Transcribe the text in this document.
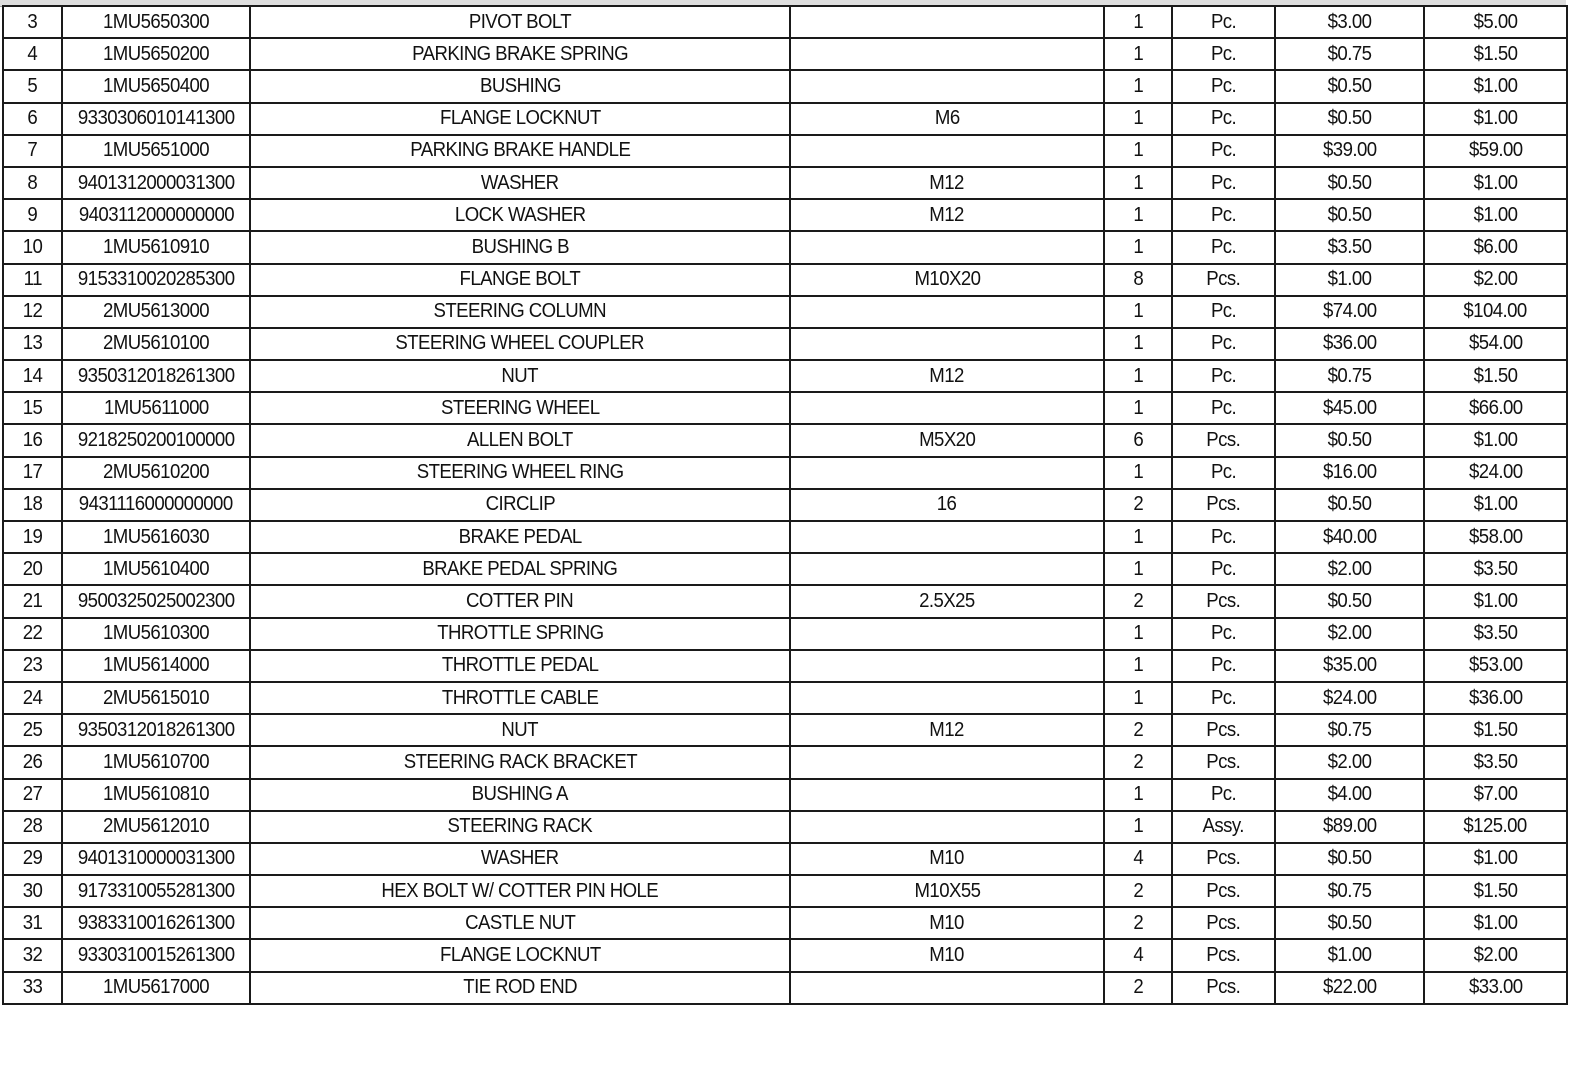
3	1MU5650300	PIVOT BOLT		1	Pc.	$3.00	$5.00
4	1MU5650200	PARKING BRAKE SPRING		1	Pc.	$0.75	$1.50
5	1MU5650400	BUSHING		1	Pc.	$0.50	$1.00
6	9330306010141300	FLANGE LOCKNUT	M6	1	Pc.	$0.50	$1.00
7	1MU5651000	PARKING BRAKE HANDLE		1	Pc.	$39.00	$59.00
8	9401312000031300	WASHER	M12	1	Pc.	$0.50	$1.00
9	9403112000000000	LOCK WASHER	M12	1	Pc.	$0.50	$1.00
10	1MU5610910	BUSHING B		1	Pc.	$3.50	$6.00
11	9153310020285300	FLANGE BOLT	M10X20	8	Pcs.	$1.00	$2.00
12	2MU5613000	STEERING COLUMN		1	Pc.	$74.00	$104.00
13	2MU5610100	STEERING WHEEL COUPLER		1	Pc.	$36.00	$54.00
14	9350312018261300	NUT	M12	1	Pc.	$0.75	$1.50
15	1MU5611000	STEERING WHEEL		1	Pc.	$45.00	$66.00
16	9218250200100000	ALLEN BOLT	M5X20	6	Pcs.	$0.50	$1.00
17	2MU5610200	STEERING WHEEL RING		1	Pc.	$16.00	$24.00
18	9431116000000000	CIRCLIP	16	2	Pcs.	$0.50	$1.00
19	1MU5616030	BRAKE PEDAL		1	Pc.	$40.00	$58.00
20	1MU5610400	BRAKE PEDAL SPRING		1	Pc.	$2.00	$3.50
21	9500325025002300	COTTER PIN	2.5X25	2	Pcs.	$0.50	$1.00
22	1MU5610300	THROTTLE SPRING		1	Pc.	$2.00	$3.50
23	1MU5614000	THROTTLE PEDAL		1	Pc.	$35.00	$53.00
24	2MU5615010	THROTTLE CABLE		1	Pc.	$24.00	$36.00
25	9350312018261300	NUT	M12	2	Pcs.	$0.75	$1.50
26	1MU5610700	STEERING RACK BRACKET		2	Pcs.	$2.00	$3.50
27	1MU5610810	BUSHING A		1	Pc.	$4.00	$7.00
28	2MU5612010	STEERING RACK		1	Assy.	$89.00	$125.00
29	9401310000031300	WASHER	M10	4	Pcs.	$0.50	$1.00
30	9173310055281300	HEX BOLT W/ COTTER PIN HOLE	M10X55	2	Pcs.	$0.75	$1.50
31	9383310016261300	CASTLE NUT	M10	2	Pcs.	$0.50	$1.00
32	9330310015261300	FLANGE LOCKNUT	M10	4	Pcs.	$1.00	$2.00
33	1MU5617000	TIE ROD END		2	Pcs.	$22.00	$33.00
